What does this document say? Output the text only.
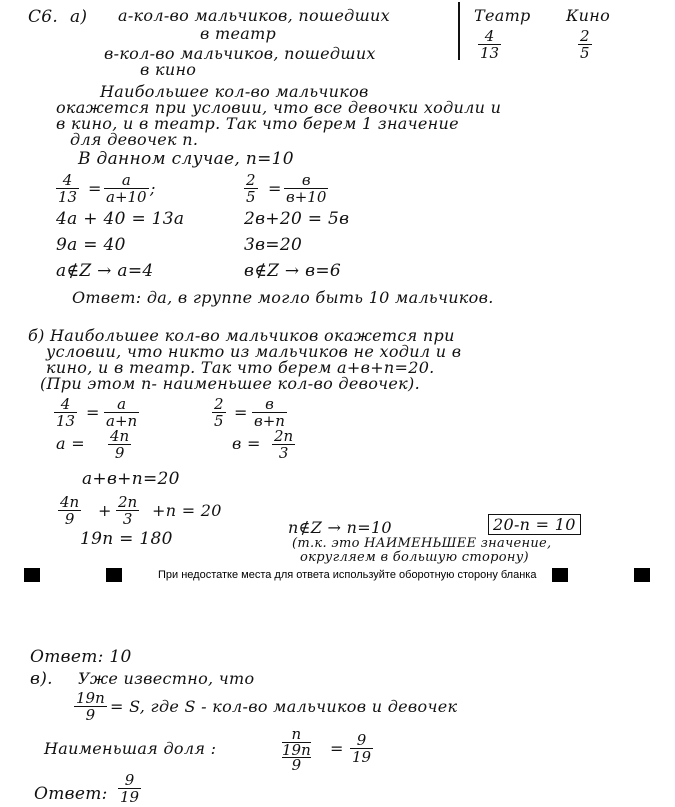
C6. а) а-кол-во мальчиков, пошедших
в театр
в-кол-во мальчиков, пошедших
в кино
Театр Кино
$\frac{4}{13}$	$\frac{2}{5}$
Наибольшее кол-во мальчиков
окажется при условии, что все девочки ходили и
в кино, и в театр. Так что берем 1 значение
для девочек n.
В данном случае, n=10
$\frac{4}{13} = \frac{a}{a+10}$ ;	$\frac{2}{5}$ =	в
в+10
4a + 40 = 13a	2в+20 = 5в
9a = 40	3в=20
a∉Z → a=4	в∉Z → в=6
Ответ: да, в группе могло быть 10 мальчиков.
б) Наибольшее кол-во мальчиков окажется при
условии, что никто из мальчиков не ходил и в
кино, и в театр. Так что берем a+в+n=20.
(При этом n- наименьшее кол-во девочек).
$\frac{4}{13} = \frac{a}{a+n}$	$\frac{2}{5}$ =	в
в+n
$a = \frac{4n}{9}$	$в = \frac{2n}{3}$
a+в+n=20
$\frac{4n}{9} + \frac{2n}{3} +n = 20$
19n = 180
n∉Z → n=10	20-n = 10
(т.к. это НАИМЕНЬШЕЕ значение,
округляем в большую сторону)
При недостатке места для ответа используйте оборотную сторону бланка
Ответ: 10
в). Уже известно, что
$\frac{19n}{9} = S$, где S - кол-во мальчиков и девочек
Наименьшая доля :	n
19n
$9 = \frac{9}{19}$
Ответ: $\frac{9}{19}$
